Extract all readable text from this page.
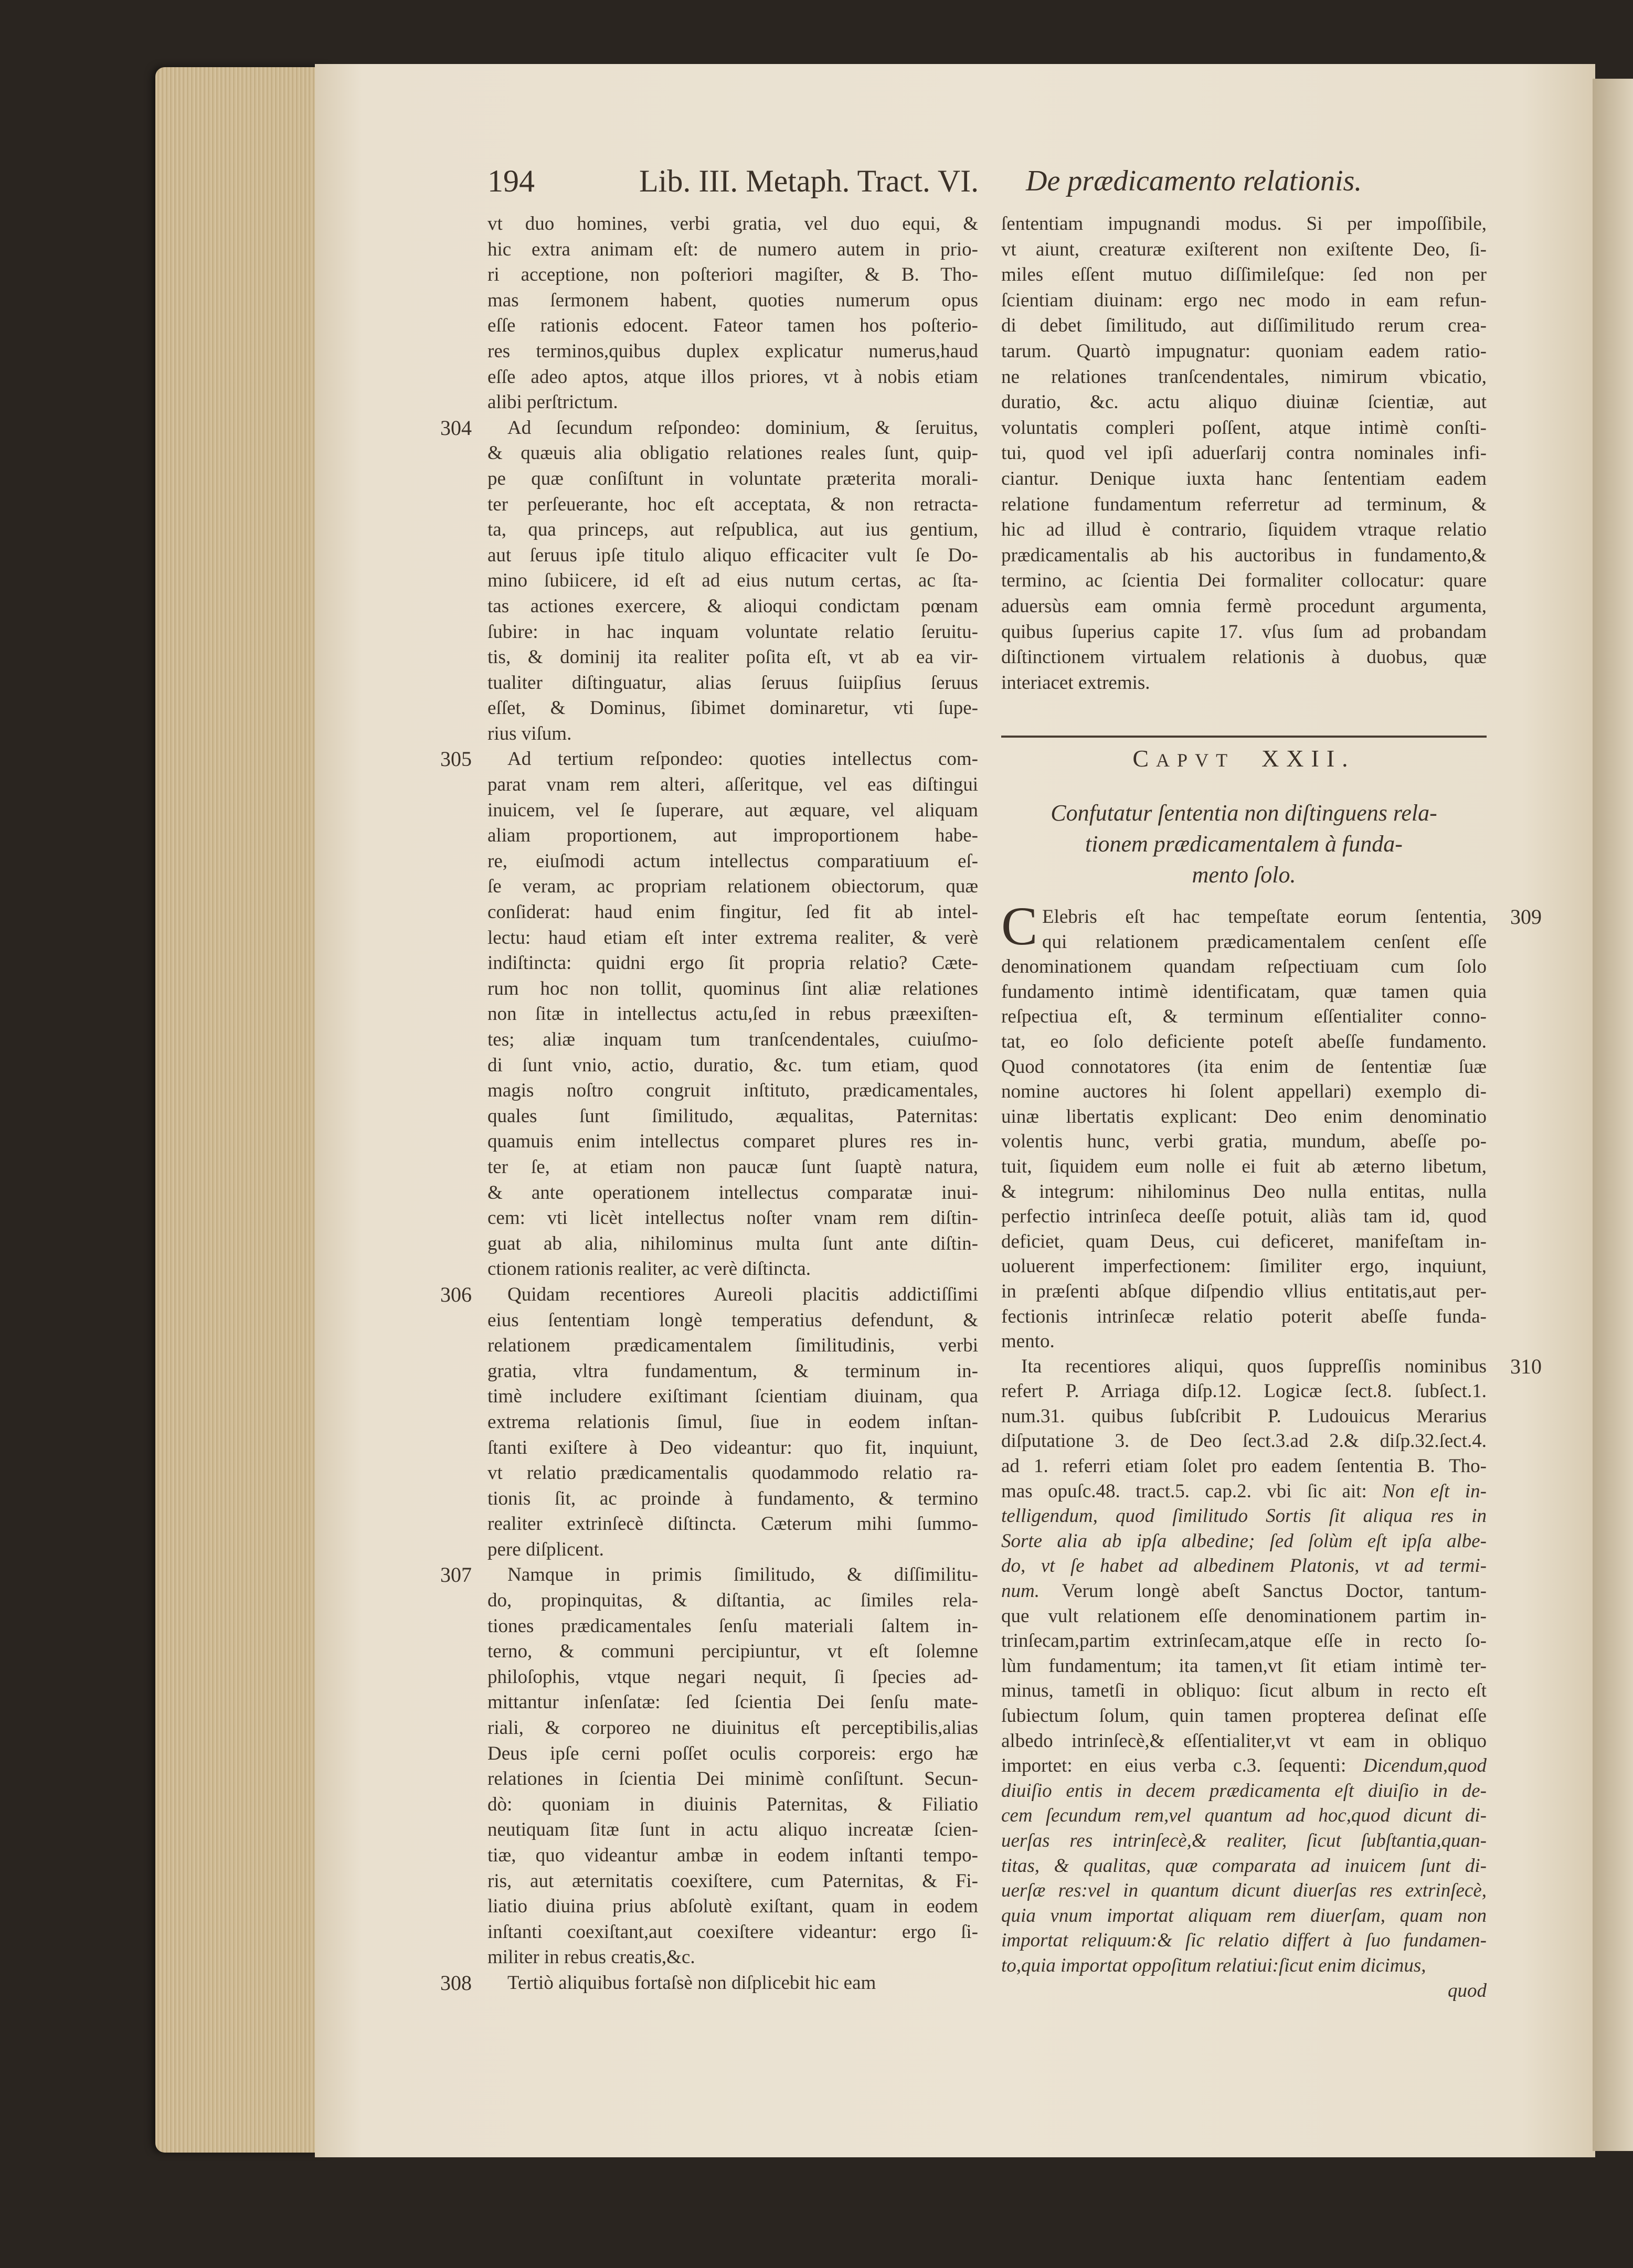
194	Lib. III. Metaph. Tract. VI. De prædicamento relationis.
vt duo homines, verbi gratia, vel duo equi, &
hic extra animam eſt: de numero autem in prio-
ri acceptione, non poſteriori magiſter, & B. Tho-
mas ſermonem habent, quoties numerum opus
eſſe rationis edocent. Fateor tamen hos poſterio-
res terminos,quibus duplex explicatur numerus,haud
eſſe adeo aptos, atque illos priores, vt à nobis etiam
alibi perſtrictum.
Ad ſecundum reſpondeo: dominium, & ſeruitus,
304
& quæuis alia obligatio relationes reales ſunt, quip-
pe quæ conſiſtunt in voluntate præterita morali-
ter perſeuerante, hoc eſt acceptata, & non retracta-
ta, qua princeps, aut reſpublica, aut ius gentium,
aut ſeruus ipſe titulo aliquo efficaciter vult ſe Do-
mino ſubiicere, id eſt ad eius nutum certas, ac ſta-
tas actiones exercere, & alioqui condictam pœnam
ſubire: in hac inquam voluntate relatio ſeruitu-
tis, & dominij ita realiter poſita eſt, vt ab ea vir-
tualiter diſtinguatur, alias ſeruus ſuiipſius ſeruus
eſſet, & Dominus, ſibimet dominaretur, vti ſupe-
rius viſum.
Ad tertium reſpondeo: quoties intellectus com-
305
parat vnam rem alteri, aſſeritque, vel eas diſtingui
inuicem, vel ſe ſuperare, aut æquare, vel aliquam
aliam proportionem, aut improportionem habe-
re, eiuſmodi actum intellectus comparatiuum eſ-
ſe veram, ac propriam relationem obiectorum, quæ
conſiderat: haud enim fingitur, ſed fit ab intel-
lectu: haud etiam eſt inter extrema realiter, & verè
indiſtincta: quidni ergo ſit propria relatio? Cæte-
rum hoc non tollit, quominus ſint aliæ relationes
non ſitæ in intellectus actu,ſed in rebus præexiſten-
tes; aliæ inquam tum tranſcendentales, cuiuſmo-
di ſunt vnio, actio, duratio, &c. tum etiam, quod
magis noſtro congruit inſtituto, prædicamentales,
quales ſunt ſimilitudo, æqualitas, Paternitas:
quamuis enim intellectus comparet plures res in-
ter ſe, at etiam non paucæ ſunt ſuaptè natura,
& ante operationem intellectus comparatæ inui-
cem: vti licèt intellectus noſter vnam rem diſtin-
guat ab alia, nihilominus multa ſunt ante diſtin-
ctionem rationis realiter, ac verè diſtincta.
Quidam recentiores Aureoli placitis addictiſſimi
306
eius ſententiam longè temperatius defendunt, &
relationem prædicamentalem ſimilitudinis, verbi
gratia, vltra fundamentum, & terminum in-
timè includere exiſtimant ſcientiam diuinam, qua
extrema relationis ſimul, ſiue in eodem inſtan-
ſtanti exiſtere à Deo videantur: quo fit, inquiunt,
vt relatio prædicamentalis quodammodo relatio ra-
tionis ſit, ac proinde à fundamento, & termino
realiter extrinſecè diſtincta. Cæterum mihi ſummo-
pere diſplicent.
Namque in primis ſimilitudo, & diſſimilitu-
307
do, propinquitas, & diſtantia, ac ſimiles rela-
tiones prædicamentales ſenſu materiali ſaltem in-
terno, & communi percipiuntur, vt eſt ſolemne
philoſophis, vtque negari nequit, ſi ſpecies ad-
mittantur inſenſatæ: ſed ſcientia Dei ſenſu mate-
riali, & corporeo ne diuinitus eſt perceptibilis,alias
Deus ipſe cerni poſſet oculis corporeis: ergo hæ
relationes in ſcientia Dei minimè conſiſtunt. Secun-
dò: quoniam in diuinis Paternitas, & Filiatio
neutiquam ſitæ ſunt in actu aliquo increatæ ſcien-
tiæ, quo videantur ambæ in eodem inſtanti tempo-
ris, aut æternitatis coexiſtere, cum Paternitas, & Fi-
liatio diuina prius abſolutè exiſtant, quam in eodem
inſtanti coexiſtant,aut coexiſtere videantur: ergo ſi-
militer in rebus creatis,&c.
Tertiò aliquibus fortaſsè non diſplicebit hic eam
308
ſententiam impugnandi modus. Si per impoſſibile,
vt aiunt, creaturæ exiſterent non exiſtente Deo, ſi-
miles eſſent mutuo diſſimileſque: ſed non per
ſcientiam diuinam: ergo nec modo in eam refun-
di debet ſimilitudo, aut diſſimilitudo rerum crea-
tarum. Quartò impugnatur: quoniam eadem ratio-
ne relationes tranſcendentales, nimirum vbicatio,
duratio, &c. actu aliquo diuinæ ſcientiæ, aut
voluntatis compleri poſſent, atque intimè conſti-
tui, quod vel ipſi aduerſarij contra nominales infi-
ciantur. Denique iuxta hanc ſententiam eadem
relatione fundamentum referretur ad terminum, &
hic ad illud è contrario, ſiquidem vtraque relatio
prædicamentalis ab his auctoribus in fundamento,&
termino, ac ſcientia Dei formaliter collocatur: quare
aduersùs eam omnia fermè procedunt argumenta,
quibus ſuperius capite 17. vſus ſum ad probandam
diſtinctionem virtualem relationis à duobus, quæ
interiacet extremis.
CAPVT XXII.
Confutatur ſententia non diſtinguens rela-
tionem prædicamentalem à funda-
mento ſolo.
C Elebris eſt hac tempeſtate eorum ſententia, 309
qui relationem prædicamentalem cenſent eſſe
denominationem quandam reſpectiuam cum ſolo
fundamento intimè identificatam, quæ tamen quia
reſpectiua eſt, & terminum eſſentialiter conno-
tat, eo ſolo deficiente poteſt abeſſe fundamento.
Quod connotatores (ita enim de ſententiæ ſuæ
nomine auctores hi ſolent appellari) exemplo di-
uinæ libertatis explicant: Deo enim denominatio
volentis hunc, verbi gratia, mundum, abeſſe po-
tuit, ſiquidem eum nolle ei fuit ab æterno libetum,
& integrum: nihilominus Deo nulla entitas, nulla
perfectio intrinſeca deeſſe potuit, aliàs tam id, quod
deficiet, quam Deus, cui deficeret, manifeſtam in-
uoluerent imperfectionem: ſimiliter ergo, inquiunt,
in præſenti abſque diſpendio vllius entitatis,aut per-
fectionis intrinſecæ relatio poterit abeſſe funda-
mento.
Ita recentiores aliqui, quos ſuppreſſis nominibus 310
refert P. Arriaga diſp.12. Logicæ ſect.8. ſubſect.1.
num.31. quibus ſubſcribit P. Ludouicus Merarius
diſputatione 3. de Deo ſect.3.ad 2.& diſp.32.ſect.4.
ad 1. referri etiam ſolet pro eadem ſententia B. Tho-
mas opuſc.48. tract.5. cap.2. vbi ſic ait: Non eſt in-
telligendum, quod ſimilitudo Sortis ſit aliqua res in
Sorte alia ab ipſa albedine; ſed ſolùm eſt ipſa albe-
do, vt ſe habet ad albedinem Platonis, vt ad termi-
num. Verum longè abeſt Sanctus Doctor, tantum-
que vult relationem eſſe denominationem partim in-
trinſecam,partim extrinſecam,atque eſſe in recto ſo-
lùm fundamentum; ita tamen,vt ſit etiam intimè ter-
minus, tametſi in obliquo: ſicut album in recto eſt
ſubiectum ſolum, quin tamen propterea deſinat eſſe
albedo intrinſecè,& eſſentialiter,vt vt eam in obliquo
importet: en eius verba c.3. ſequenti: Dicendum,quod
diuiſio entis in decem prædicamenta eſt diuiſio in de-
cem ſecundum rem,vel quantum ad hoc,quod dicunt di-
uerſas res intrinſecè,& realiter, ſicut ſubſtantia,quan-
titas, & qualitas, quæ comparata ad inuicem ſunt di-
uerſæ res:vel in quantum dicunt diuerſas res extrinſecè,
quia vnum importat aliquam rem diuerſam, quam non
importat reliquum:& ſic relatio differt à ſuo fundamen-
to,quia importat oppoſitum relatiui:ſicut enim dicimus,
quod
